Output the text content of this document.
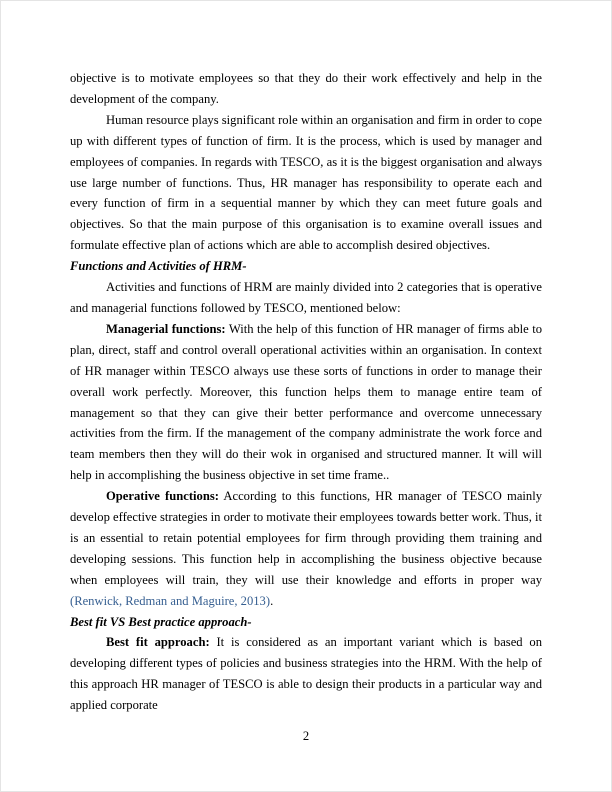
objective is to motivate employees so that they do their work effectively and help in the development of the company.

Human resource plays significant role within an organisation and firm in order to cope up with different types of function of firm. It is the process, which is used by manager and employees of companies. In regards with TESCO, as it is the biggest organisation and always use large number of functions. Thus, HR manager has responsibility to operate each and every function of firm in a sequential manner by which they can meet future goals and objectives. So that the main purpose of this organisation is to examine overall issues and formulate effective plan of actions which are able to accomplish desired objectives.

Functions and Activities of HRM-

Activities and functions of HRM are mainly divided into 2 categories that is operative and managerial functions followed by TESCO, mentioned below:

Managerial functions: With the help of this function of HR manager of firms able to plan, direct, staff and control overall operational activities within an organisation. In context of HR manager within TESCO always use these sorts of functions in order to manage their overall work perfectly. Moreover, this function helps them to manage entire team of management so that they can give their better performance and overcome unnecessary activities from the firm. If the management of the company administrate the work force and team members then they will do their wok in organised and structured manner. It will will help in accomplishing the business objective in set time frame..

Operative functions: According to this functions, HR manager of TESCO mainly develop effective strategies in order to motivate their employees towards better work. Thus, it is an essential to retain potential employees for firm through providing them training and developing sessions. This function help in accomplishing the business objective because when employees will train, they will use their knowledge and efforts in proper way (Renwick, Redman and Maguire, 2013).

Best fit VS Best practice approach-

Best fit approach: It is considered as an important variant which is based on developing different types of policies and business strategies into the HRM. With the help of this approach HR manager of TESCO is able to design their products in a particular way and applied corporate

2
